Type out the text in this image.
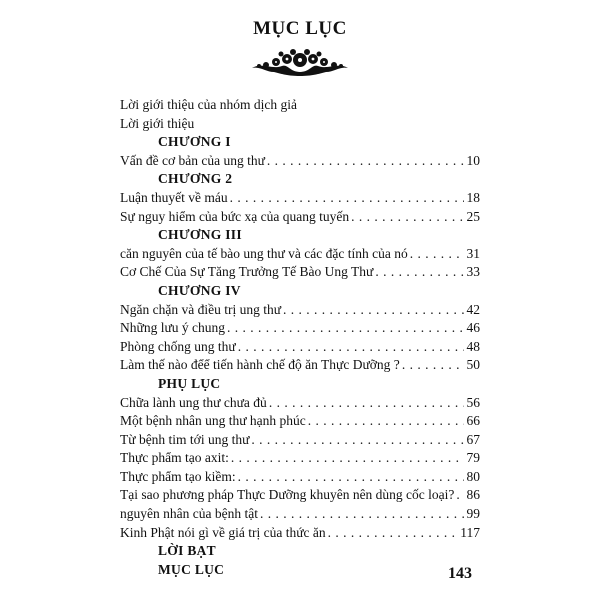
MỤC LỤC
Lời giới thiệu của nhóm dịch giả
Lời giới thiệu
CHƯƠNG I
Vấn đề cơ bản của ung thư . . .	10
CHƯƠNG 2
Luận thuyết về máu . . .	18
Sự nguy hiểm của bức xạ của quang tuyến . . .	25
CHƯƠNG III
căn nguyên của tế bào ung thư và các đặc tính của nó . . .	31
Cơ Chế Của Sự Tăng Trưởng Tế Bào Ung Thư . . .	33
CHƯƠNG IV
Ngăn chặn và điều trị ung thư . . .	42
Những lưu ý chung . . .	46
Phòng chống ung thư . . .	48
Làm thế nào đểể tiến hành chế độ ăn Thực Dưỡng ? . . .	50
PHỤ LỤC
Chữa lành ung thư chưa đủ . . .	56
Một bệnh nhân ung thư hạnh phúc . . .	66
Từ bệnh tim tới ung thư . . .	67
Thực phẩm tạo axit: . . .	79
Thực phẩm tạo kiềm: . . .	80
Tại sao phương pháp Thực Dưỡng khuyên nên dùng cốc loại? . . . 86
nguyên nhân của bệnh tật . . .	99
Kinh Phật nói gì về giá trị của thức ăn . . .	117
LỜI BẠT
MỤC LỤC	143
